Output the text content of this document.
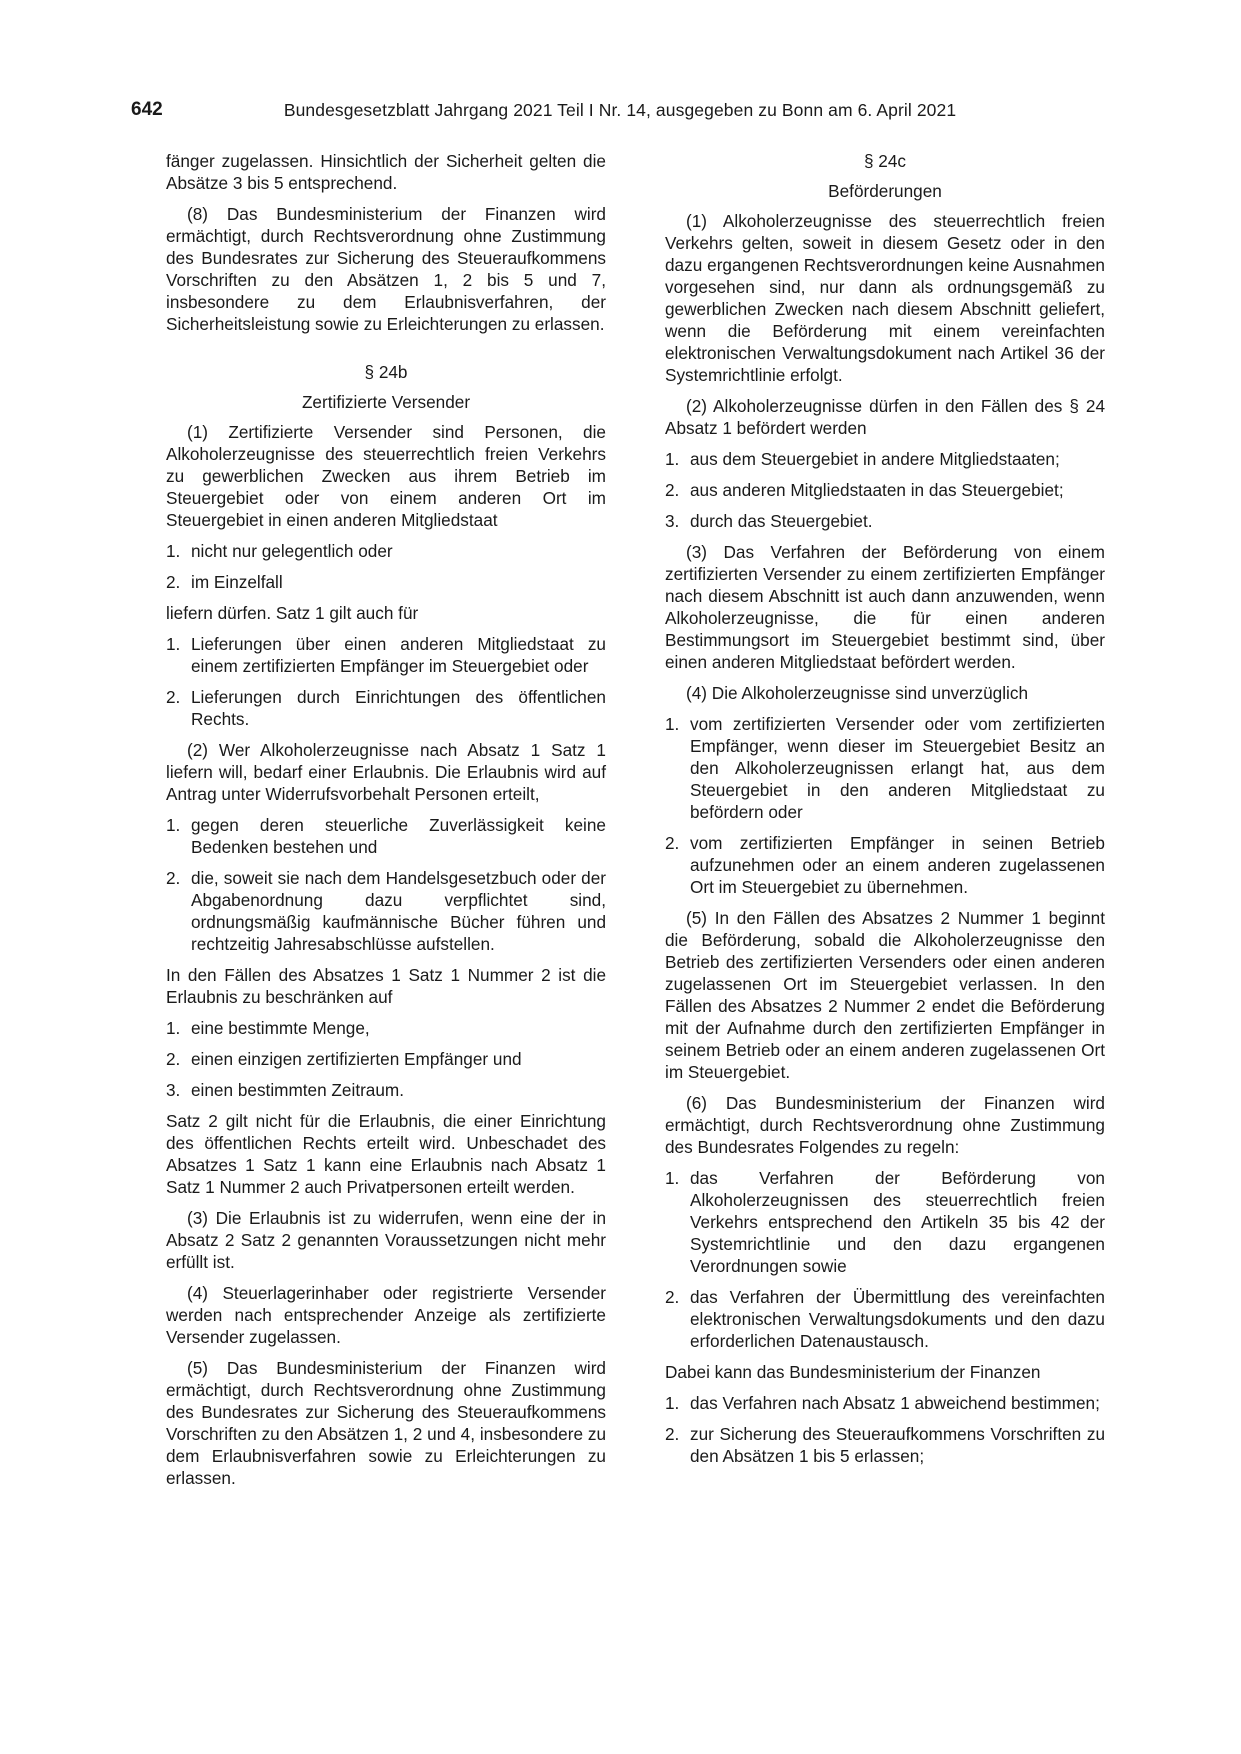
642	Bundesgesetzblatt Jahrgang 2021 Teil I Nr. 14, ausgegeben zu Bonn am 6. April 2021

fänger zugelassen. Hinsichtlich der Sicherheit gelten die Absätze 3 bis 5 entsprechend.

(8) Das Bundesministerium der Finanzen wird ermächtigt, durch Rechtsverordnung ohne Zustimmung des Bundesrates zur Sicherung des Steueraufkommens Vorschriften zu den Absätzen 1, 2 bis 5 und 7, insbesondere zu dem Erlaubnisverfahren, der Sicherheitsleistung sowie zu Erleichterungen zu erlassen.

§ 24b
Zertifizierte Versender

(1) Zertifizierte Versender sind Personen, die Alkoholerzeugnisse des steuerrechtlich freien Verkehrs zu gewerblichen Zwecken aus ihrem Betrieb im Steuergebiet oder von einem anderen Ort im Steuergebiet in einen anderen Mitgliedstaat

1. nicht nur gelegentlich oder
2. im Einzelfall

liefern dürfen. Satz 1 gilt auch für

1. Lieferungen über einen anderen Mitgliedstaat zu einem zertifizierten Empfänger im Steuergebiet oder
2. Lieferungen durch Einrichtungen des öffentlichen Rechts.

(2) Wer Alkoholerzeugnisse nach Absatz 1 Satz 1 liefern will, bedarf einer Erlaubnis. Die Erlaubnis wird auf Antrag unter Widerrufsvorbehalt Personen erteilt,

1. gegen deren steuerliche Zuverlässigkeit keine Bedenken bestehen und
2. die, soweit sie nach dem Handelsgesetzbuch oder der Abgabenordnung dazu verpflichtet sind, ordnungsmäßig kaufmännische Bücher führen und rechtzeitig Jahresabschlüsse aufstellen.

In den Fällen des Absatzes 1 Satz 1 Nummer 2 ist die Erlaubnis zu beschränken auf

1. eine bestimmte Menge,
2. einen einzigen zertifizierten Empfänger und
3. einen bestimmten Zeitraum.

Satz 2 gilt nicht für die Erlaubnis, die einer Einrichtung des öffentlichen Rechts erteilt wird. Unbeschadet des Absatzes 1 Satz 1 kann eine Erlaubnis nach Absatz 1 Satz 1 Nummer 2 auch Privatpersonen erteilt werden.

(3) Die Erlaubnis ist zu widerrufen, wenn eine der in Absatz 2 Satz 2 genannten Voraussetzungen nicht mehr erfüllt ist.

(4) Steuerlagerinhaber oder registrierte Versender werden nach entsprechender Anzeige als zertifizierte Versender zugelassen.

(5) Das Bundesministerium der Finanzen wird ermächtigt, durch Rechtsverordnung ohne Zustimmung des Bundesrates zur Sicherung des Steueraufkommens Vorschriften zu den Absätzen 1, 2 und 4, insbesondere zu dem Erlaubnisverfahren sowie zu Erleichterungen zu erlassen.

§ 24c
Beförderungen

(1) Alkoholerzeugnisse des steuerrechtlich freien Verkehrs gelten, soweit in diesem Gesetz oder in den dazu ergangenen Rechtsverordnungen keine Ausnahmen vorgesehen sind, nur dann als ordnungsgemäß zu gewerblichen Zwecken nach diesem Abschnitt geliefert, wenn die Beförderung mit einem vereinfachten elektronischen Verwaltungsdokument nach Artikel 36 der Systemrichtlinie erfolgt.

(2) Alkoholerzeugnisse dürfen in den Fällen des § 24 Absatz 1 befördert werden

1. aus dem Steuergebiet in andere Mitgliedstaaten;
2. aus anderen Mitgliedstaaten in das Steuergebiet;
3. durch das Steuergebiet.

(3) Das Verfahren der Beförderung von einem zertifizierten Versender zu einem zertifizierten Empfänger nach diesem Abschnitt ist auch dann anzuwenden, wenn Alkoholerzeugnisse, die für einen anderen Bestimmungsort im Steuergebiet bestimmt sind, über einen anderen Mitgliedstaat befördert werden.

(4) Die Alkoholerzeugnisse sind unverzüglich

1. vom zertifizierten Versender oder vom zertifizierten Empfänger, wenn dieser im Steuergebiet Besitz an den Alkoholerzeugnissen erlangt hat, aus dem Steuergebiet in den anderen Mitgliedstaat zu befördern oder
2. vom zertifizierten Empfänger in seinen Betrieb aufzunehmen oder an einem anderen zugelassenen Ort im Steuergebiet zu übernehmen.

(5) In den Fällen des Absatzes 2 Nummer 1 beginnt die Beförderung, sobald die Alkoholerzeugnisse den Betrieb des zertifizierten Versenders oder einen anderen zugelassenen Ort im Steuergebiet verlassen. In den Fällen des Absatzes 2 Nummer 2 endet die Beförderung mit der Aufnahme durch den zertifizierten Empfänger in seinem Betrieb oder an einem anderen zugelassenen Ort im Steuergebiet.

(6) Das Bundesministerium der Finanzen wird ermächtigt, durch Rechtsverordnung ohne Zustimmung des Bundesrates Folgendes zu regeln:

1. das Verfahren der Beförderung von Alkoholerzeugnissen des steuerrechtlich freien Verkehrs entsprechend den Artikeln 35 bis 42 der Systemrichtlinie und den dazu ergangenen Verordnungen sowie
2. das Verfahren der Übermittlung des vereinfachten elektronischen Verwaltungsdokuments und den dazu erforderlichen Datenaustausch.

Dabei kann das Bundesministerium der Finanzen

1. das Verfahren nach Absatz 1 abweichend bestimmen;
2. zur Sicherung des Steueraufkommens Vorschriften zu den Absätzen 1 bis 5 erlassen;
